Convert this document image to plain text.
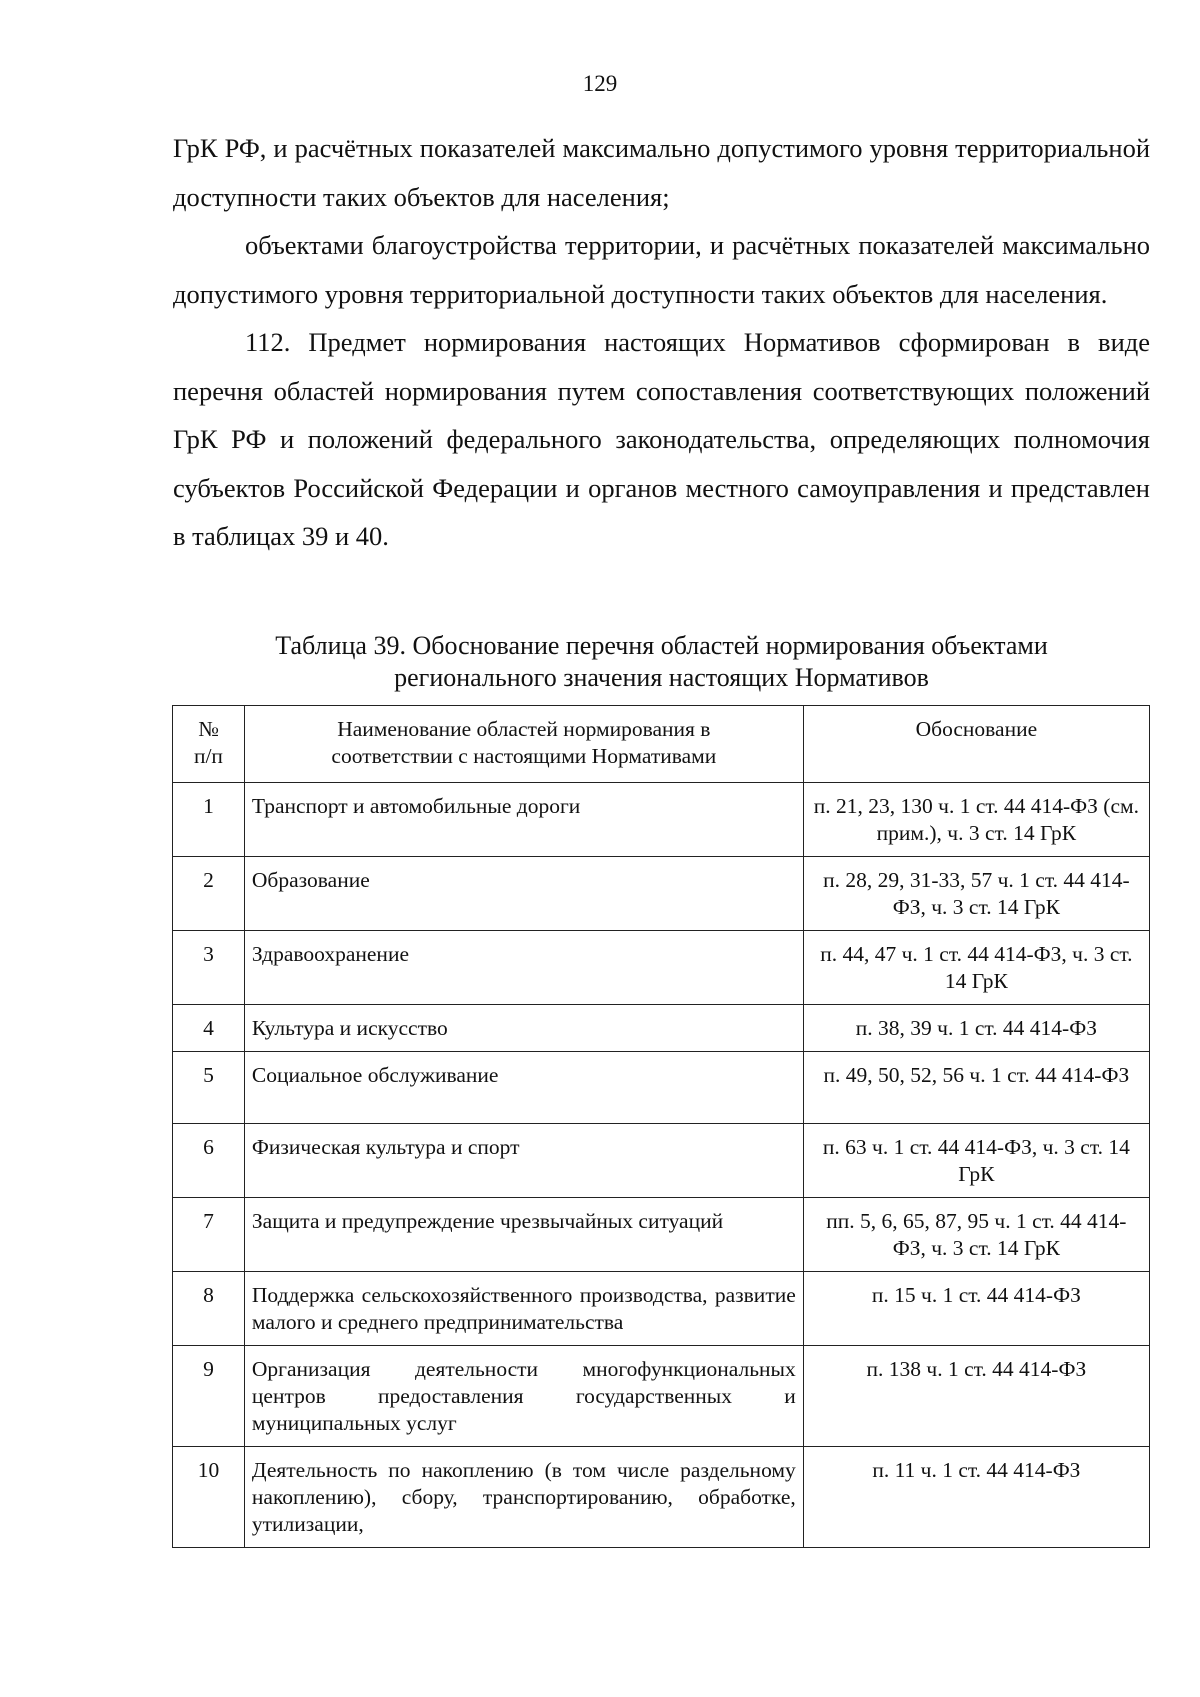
129

ГрК РФ, и расчётных показателей максимально допустимого уровня территориальной доступности таких объектов для населения;

объектами благоустройства территории, и расчётных показателей максимально допустимого уровня территориальной доступности таких объектов для населения.

112. Предмет нормирования настоящих Нормативов сформирован в виде перечня областей нормирования путем сопоставления соответствующих положений ГрК РФ и положений федерального законодательства, определяющих полномочия субъектов Российской Федерации и органов местного самоуправления и представлен в таблицах 39 и 40.

Таблица 39. Обоснование перечня областей нормирования объектами
регионального значения настоящих Нормативов
№ п/п	Наименование областей нормирования в соответствии с настоящими Нормативами	Обоснование
1	Транспорт и автомобильные дороги	п. 21, 23, 130 ч. 1 ст. 44 414-ФЗ (см. прим.), ч. 3 ст. 14 ГрК
2	Образование	п. 28, 29, 31-33, 57 ч. 1 ст. 44 414-ФЗ, ч. 3 ст. 14 ГрК
3	Здравоохранение	п. 44, 47 ч. 1 ст. 44 414-ФЗ, ч. 3 ст. 14 ГрК
4	Культура и искусство	п. 38, 39 ч. 1 ст. 44 414-ФЗ
5	Социальное обслуживание	п. 49, 50, 52, 56 ч. 1 ст. 44 414-ФЗ
6	Физическая культура и спорт	п. 63 ч. 1 ст. 44 414-ФЗ, ч. 3 ст. 14 ГрК
7	Защита и предупреждение чрезвычайных ситуаций	пп. 5, 6, 65, 87, 95 ч. 1 ст. 44 414-ФЗ, ч. 3 ст. 14 ГрК
8	Поддержка сельскохозяйственного производства, развитие малого и среднего предпринимательства	п. 15 ч. 1 ст. 44 414-ФЗ
9	Организация деятельности многофункциональных центров предоставления государственных и муниципальных услуг	п. 138 ч. 1 ст. 44 414-ФЗ
10	Деятельность по накоплению (в том числе раздельному накоплению), сбору, транспортированию, обработке, утилизации,	п. 11 ч. 1 ст. 44 414-ФЗ
